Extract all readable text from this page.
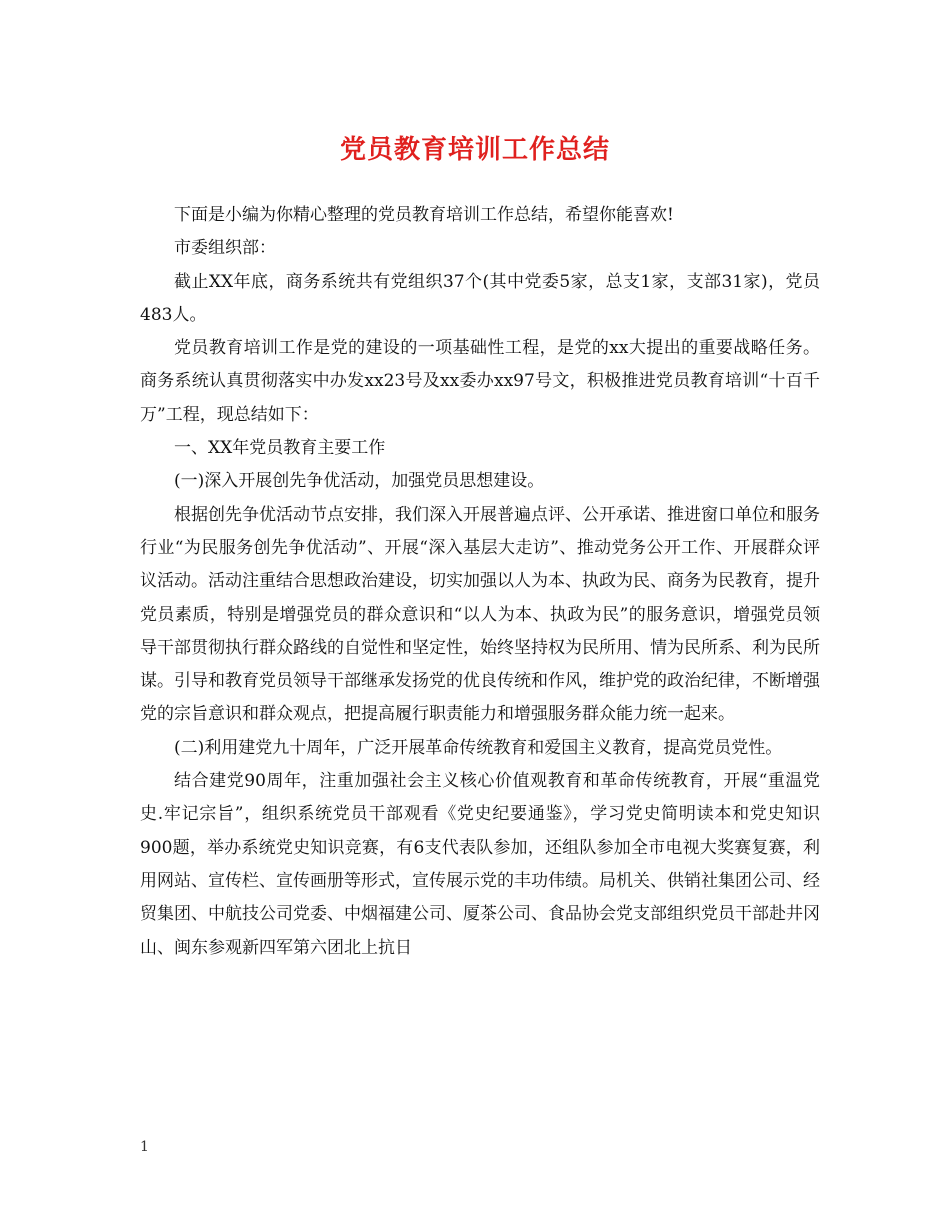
党员教育培训工作总结

下面是小编为你精心整理的党员教育培训工作总结，希望你能喜欢!

市委组织部：

截止XX年底，商务系统共有党组织37个(其中党委5家，总支1家，支部31家)，党员483人。

党员教育培训工作是党的建设的一项基础性工程，是党的xx大提出的重要战略任务。商务系统认真贯彻落实中办发xx23号及xx委办xx97号文，积极推进党员教育培训“十百千万”工程，现总结如下：

一、XX年党员教育主要工作

(一)深入开展创先争优活动，加强党员思想建设。

根据创先争优活动节点安排，我们深入开展普遍点评、公开承诺、推进窗口单位和服务行业“为民服务创先争优活动”、开展“深入基层大走访”、推动党务公开工作、开展群众评议活动。活动注重结合思想政治建设，切实加强以人为本、执政为民、商务为民教育，提升党员素质，特别是增强党员的群众意识和“以人为本、执政为民”的服务意识，增强党员领导干部贯彻执行群众路线的自觉性和坚定性，始终坚持权为民所用、情为民所系、利为民所谋。引导和教育党员领导干部继承发扬党的优良传统和作风，维护党的政治纪律，不断增强党的宗旨意识和群众观点，把提高履行职责能力和增强服务群众能力统一起来。

(二)利用建党九十周年，广泛开展革命传统教育和爱国主义教育，提高党员党性。

结合建党90周年，注重加强社会主义核心价值观教育和革命传统教育，开展“重温党史.牢记宗旨”，组织系统党员干部观看《党史纪要通鉴》，学习党史简明读本和党史知识900题，举办系统党史知识竞赛，有6支代表队参加，还组队参加全市电视大奖赛复赛，利用网站、宣传栏、宣传画册等形式，宣传展示党的丰功伟绩。局机关、供销社集团公司、经贸集团、中航技公司党委、中烟福建公司、厦茶公司、食品协会党支部组织党员干部赴井冈山、闽东参观新四军第六团北上抗日

1
